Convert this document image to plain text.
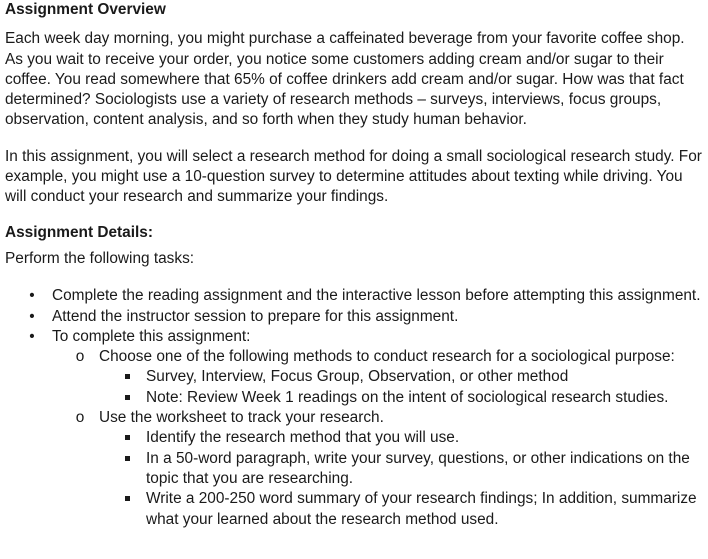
Assignment Overview

Each week day morning, you might purchase a caffeinated beverage from your favorite coffee shop. As you wait to receive your order, you notice some customers adding cream and/or sugar to their coffee. You read somewhere that 65% of coffee drinkers add cream and/or sugar. How was that fact determined? Sociologists use a variety of research methods – surveys, interviews, focus groups, observation, content analysis, and so forth when they study human behavior.

In this assignment, you will select a research method for doing a small sociological research study. For example, you might use a 10-question survey to determine attitudes about texting while driving. You will conduct your research and summarize your findings.

Assignment Details:

Perform the following tasks:

• Complete the reading assignment and the interactive lesson before attempting this assignment.
• Attend the instructor session to prepare for this assignment.
• To complete this assignment:
o Choose one of the following methods to conduct research for a sociological purpose:
Survey, Interview, Focus Group, Observation, or other method
Note: Review Week 1 readings on the intent of sociological research studies.
o Use the worksheet to track your research.
Identify the research method that you will use.
In a 50-word paragraph, write your survey, questions, or other indications on the topic that you are researching.
Write a 200-250 word summary of your research findings; In addition, summarize what your learned about the research method used.
